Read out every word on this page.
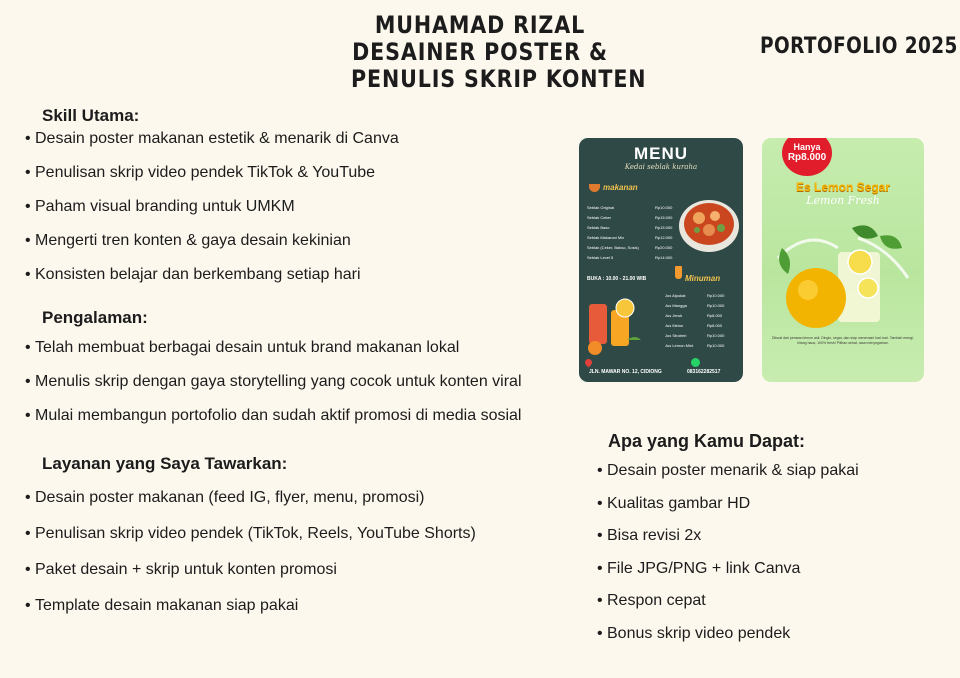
MUHAMAD RIZAL
DESAINER POSTER &
PENULIS SKRIP KONTEN
PORTOFOLIO 2025
Skill Utama:
• Desain poster makanan estetik & menarik di Canva
• Penulisan skrip video pendek TikTok & YouTube
• Paham visual branding untuk UMKM
• Mengerti tren konten & gaya desain kekinian
• Konsisten belajar dan berkembang setiap hari
Pengalaman:
• Telah membuat berbagai desain untuk brand makanan lokal
• Menulis skrip dengan gaya storytelling yang cocok untuk konten viral
• Mulai membangun portofolio dan sudah aktif promosi di media sosial
Layanan yang Saya Tawarkan:
• Desain poster makanan (feed IG, flyer, menu, promosi)
• Penulisan skrip video pendek (TikTok, Reels, YouTube Shorts)
• Paket desain + skrip untuk konten promosi
• Template desain makanan siap pakai
Apa yang Kamu Dapat:
• Desain poster menarik & siap pakai
• Kualitas gambar HD
• Bisa revisi 2x
• File JPG/PNG + link Canva
• Respon cepat
• Bonus skrip video pendek
MENU
Kedai seblak kuraha
makanan
Seblak Original	Rp10.000
Seblak Ceker	Rp15.000
Seblak Baso	Rp15.000
Seblak Makaroni Mix	Rp12.000
Seblak (Ceker, Bakso, Sosis)	Rp20.000
Seblak Level 5	Rp14.000
BUKA : 10.00 - 21.00 WIB	Minuman
Jus Alpukat	Rp10.000
Jus Mangga	Rp10.000
Jus Jeruk	Rp8.000
Jus Melon	Rp8.000
Jus Stroberi	Rp10.000
Jus Lemon Mint	Rp10.000
JLN. MAWAR NO. 12, CIDIONG	083162282517
Hanya
Rp8.000
Es Lemon Segar
Lemon Fresh
Dibuat dari perasan lemon asli. Dingin, segar, dan siap menemani hari-hari. Tambah energi, hilang haus, 100% fresh! Pilihan sehat, rasa menyegarkan.
